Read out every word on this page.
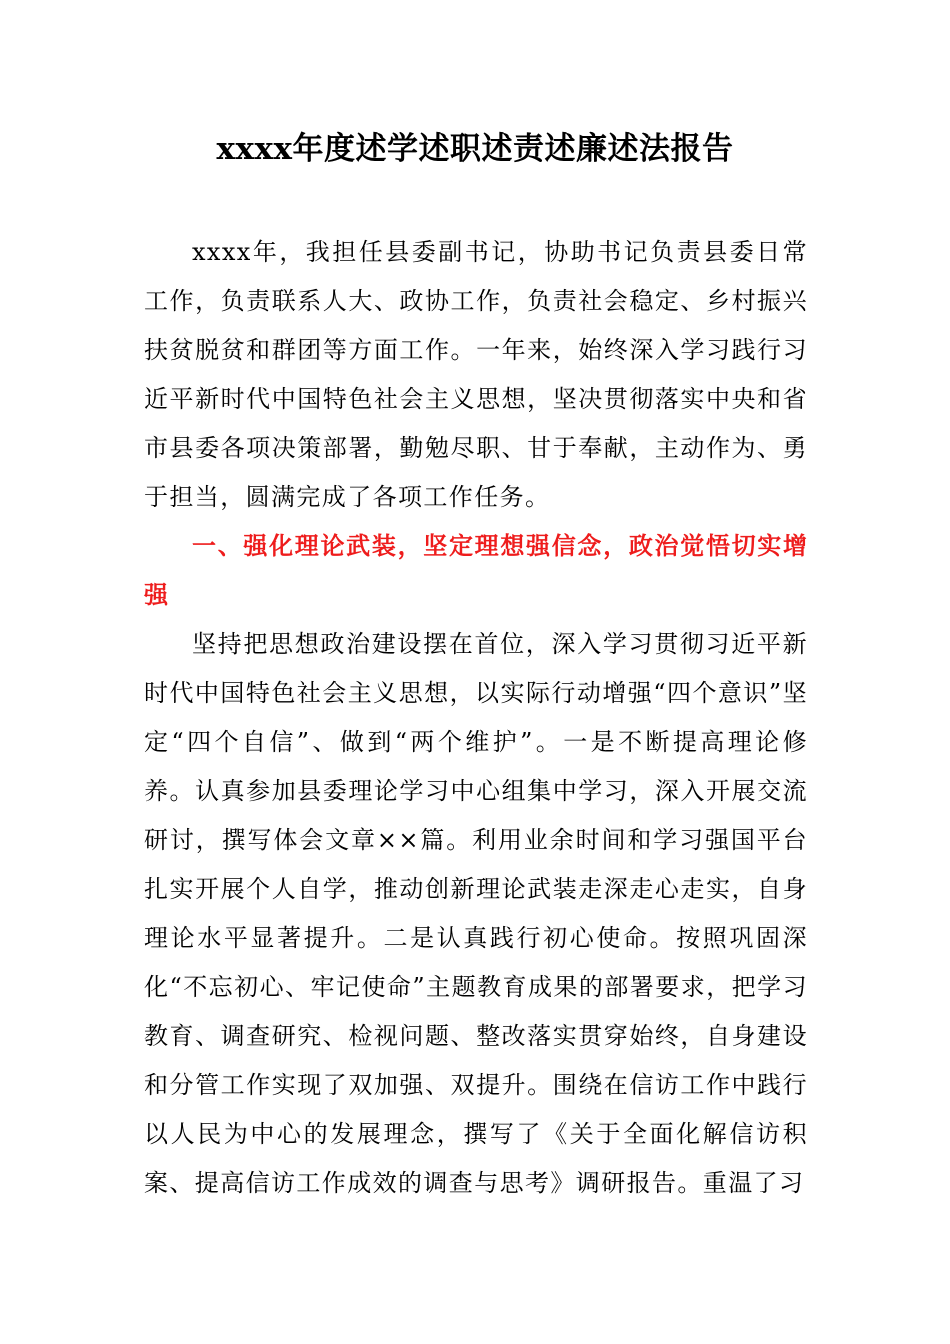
xxxx年度述学述职述责述廉述法报告

xxxx年，我担任县委副书记，协助书记负责县委日常工作，负责联系人大、政协工作，负责社会稳定、乡村振兴扶贫脱贫和群团等方面工作。一年来，始终深入学习践行习近平新时代中国特色社会主义思想，坚决贯彻落实中央和省市县委各项决策部署，勤勉尽职、甘于奉献，主动作为、勇于担当，圆满完成了各项工作任务。

一、强化理论武装，坚定理想强信念，政治觉悟切实增强

坚持把思想政治建设摆在首位，深入学习贯彻习近平新时代中国特色社会主义思想，以实际行动增强“四个意识”坚定“四个自信”、做到“两个维护”。一是不断提高理论修养。认真参加县委理论学习中心组集中学习，深入开展交流研讨，撰写体会文章××篇。利用业余时间和学习强国平台扎实开展个人自学，推动创新理论武装走深走心走实，自身理论水平显著提升。二是认真践行初心使命。按照巩固深化“不忘初心、牢记使命”主题教育成果的部署要求，把学习教育、调查研究、检视问题、整改落实贯穿始终，自身建设和分管工作实现了双加强、双提升。围绕在信访工作中践行以人民为中心的发展理念，撰写了《关于全面化解信访积案、提高信访工作成效的调查与思考》调研报告。重温了习
